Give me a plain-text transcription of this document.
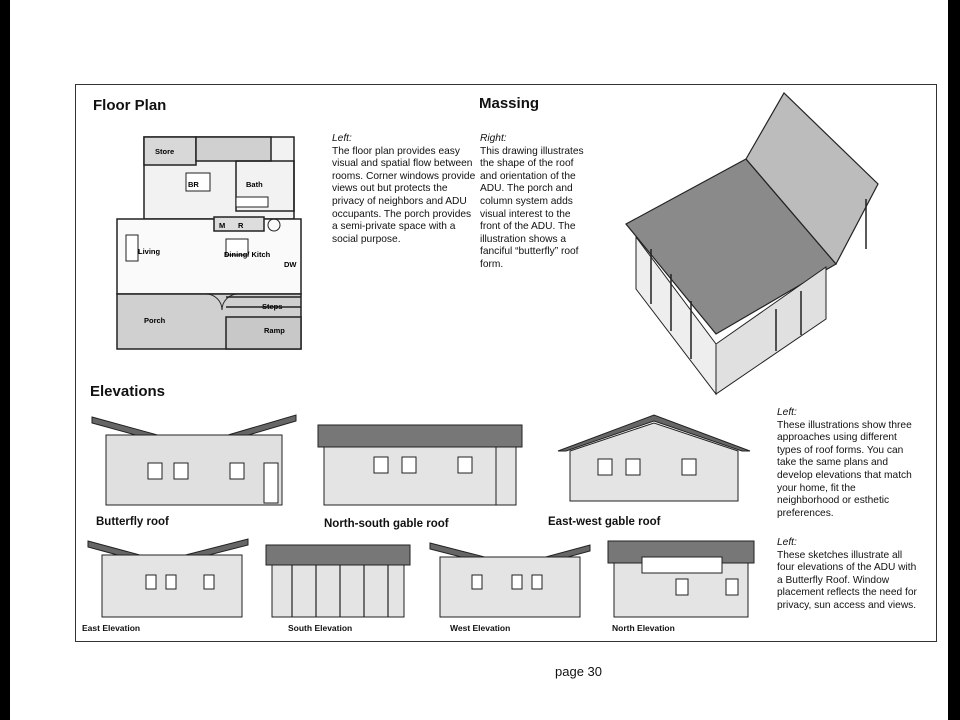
Floor Plan	Massing
Elevations
Store
BR	Bath
M R
Living	Dining/ Kitch
DW
Steps
Porch
Ramp
Left:
The floor plan provides easy visual and spatial flow between rooms. Corner windows provide views out but protects the privacy of neighbors and ADU occupants. The porch provides a semi-private space with a social purpose.
Right:
This drawing illustrates the shape of the roof and orientation of the ADU. The porch and column system adds visual interest to the front of the ADU. The illustration shows a fanciful “butterfly” roof form.
Butterfly roof	North-south gable roof	East-west gable roof
Left:
These illustrations show three approaches using different types of roof forms. You can take the same plans and develop elevations that match your home, fit the neighborhood or esthetic preferences.
Left:
These sketches illustrate all four elevations of the ADU with a Butterfly Roof. Window placement reflects the need for privacy, sun access and views.
East Elevation	South Elevation	West Elevation	North Elevation
page 30
